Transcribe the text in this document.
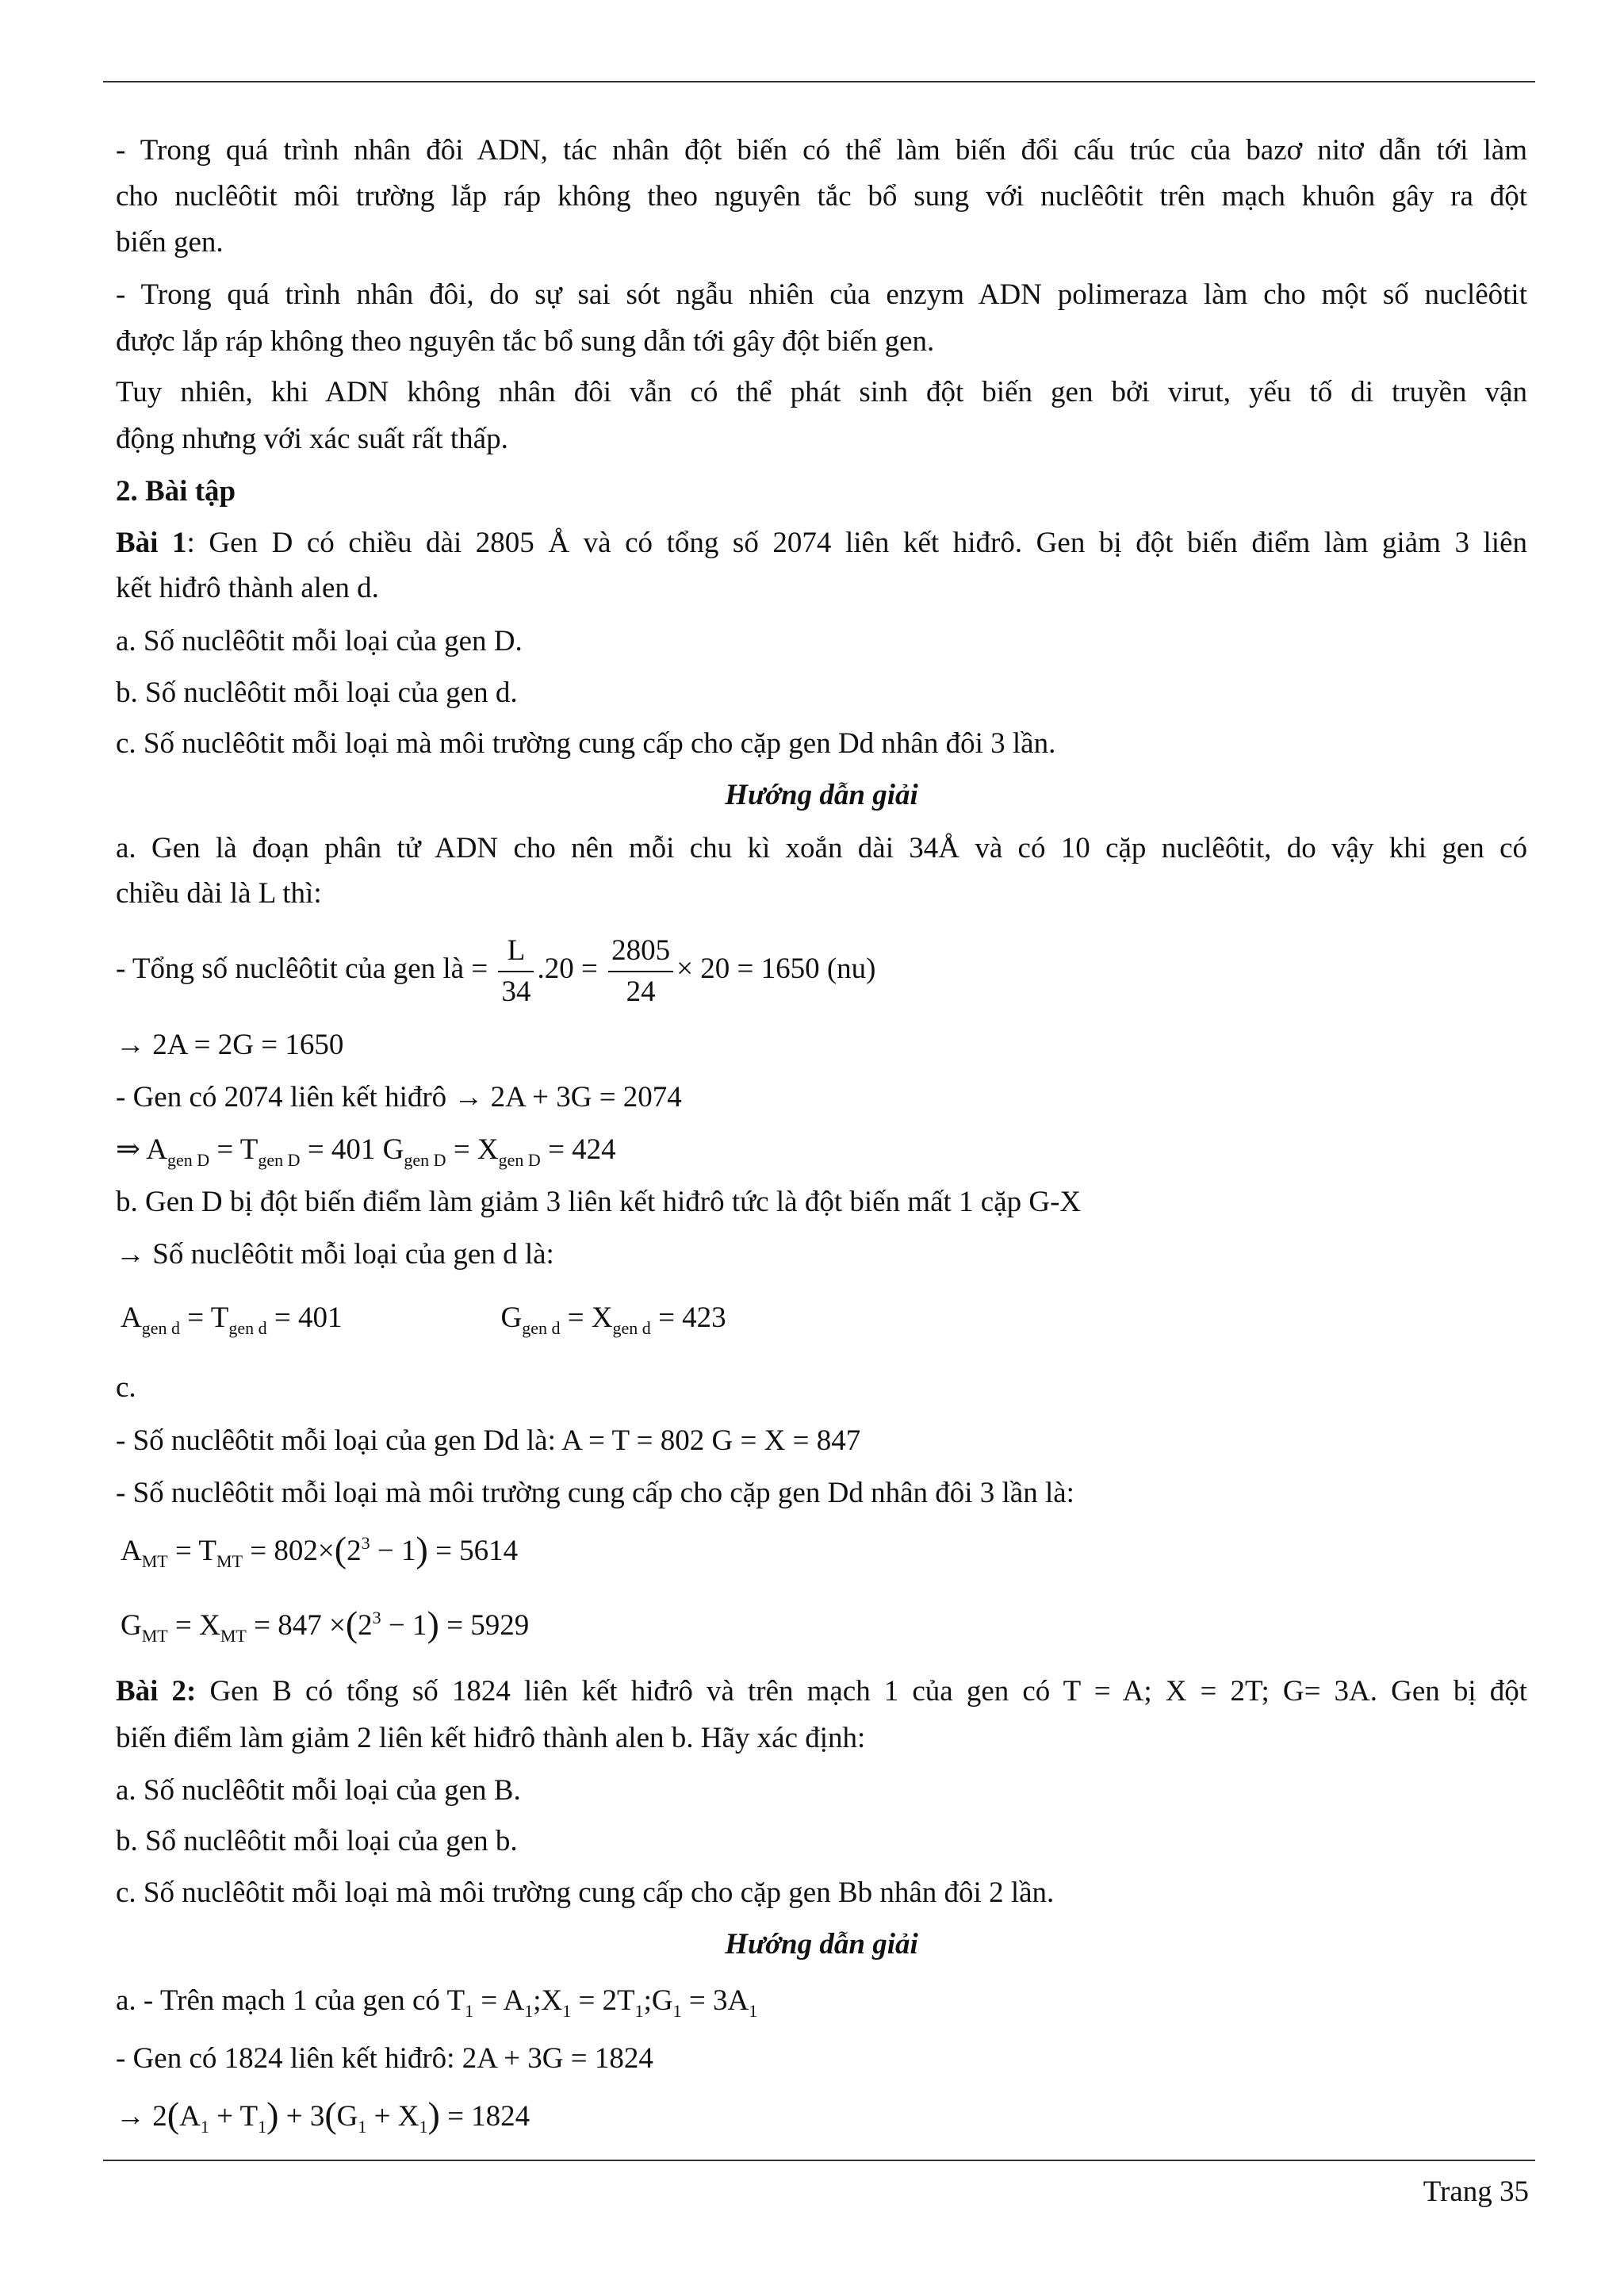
- Trong quá trình nhân đôi ADN, tác nhân đột biến có thể làm biến đổi cấu trúc của bazơ nitơ dẫn tới làm
cho nuclêôtit môi trường lắp ráp không theo nguyên tắc bổ sung với nuclêôtit trên mạch khuôn gây ra đột
biến gen.
- Trong quá trình nhân đôi, do sự sai sót ngẫu nhiên của enzym ADN polimeraza làm cho một số nuclêôtit
được lắp ráp không theo nguyên tắc bổ sung dẫn tới gây đột biến gen.
Tuy nhiên, khi ADN không nhân đôi vẫn có thể phát sinh đột biến gen bởi virut, yếu tố di truyền vận
động nhưng với xác suất rất thấp.
2. Bài tập
Bài 1: Gen D có chiều dài 2805 Å và có tổng số 2074 liên kết hiđrô. Gen bị đột biến điểm làm giảm 3 liên
kết hiđrô thành alen d.
a. Số nuclêôtit mỗi loại của gen D.
b. Số nuclêôtit mỗi loại của gen d.
c. Số nuclêôtit mỗi loại mà môi trường cung cấp cho cặp gen Dd nhân đôi 3 lần.
Hướng dẫn giải
a. Gen là đoạn phân tử ADN cho nên mỗi chu kì xoắn dài 34Å và có 10 cặp nuclêôtit, do vậy khi gen có
chiều dài là L thì:
- Tổng số nuclêôtit của gen là = $\frac{L}{34} .20 = \frac{2805}{24} \times 20 = 1650$ (nu)
→ 2A = 2G = 1650
- Gen có 2074 liên kết hiđrô → 2A + 3G = 2074
⇒ $A_{gen D} = T_{gen D} = 401$ $G_{gen D} = X_{gen D} = 424$
b. Gen D bị đột biến điểm làm giảm 3 liên kết hiđrô tức là đột biến mất 1 cặp G-X
→ Số nuclêôtit mỗi loại của gen d là:
$A_{gen d} = T_{gen d} = 401$	$G_{gen d} = X_{gen d} = 423$
c.
- Số nuclêôtit mỗi loại của gen Dd là: A = T = 802 G = X = 847
- Số nuclêôtit mỗi loại mà môi trường cung cấp cho cặp gen Dd nhân đôi 3 lần là:
$A_{MT} = T_{MT} = 802\times(2^3 - 1) = 5614$
$G_{MT} = X_{MT} = 847 \times(2^3 - 1) = 5929$
Bài 2: Gen B có tổng số 1824 liên kết hiđrô và trên mạch 1 của gen có T = A; X = 2T; G= 3A. Gen bị đột
biến điểm làm giảm 2 liên kết hiđrô thành alen b. Hãy xác định:
a. Số nuclêôtit mỗi loại của gen B.
b. Sổ nuclêôtit mỗi loại của gen b.
c. Số nuclêôtit mỗi loại mà môi trường cung cấp cho cặp gen Bb nhân đôi 2 lần.
Hướng dẫn giải
a. - Trên mạch 1 của gen có $T_1$ = $A_1;X_1$ = $2T_1;G_1 = 3A_1$
- Gen có 1824 liên kết hiđrô: 2A + 3G = 1824
→ $2(A_1 + T_1) + 3(G_1 + X_1) = 1824$
Trang 35
